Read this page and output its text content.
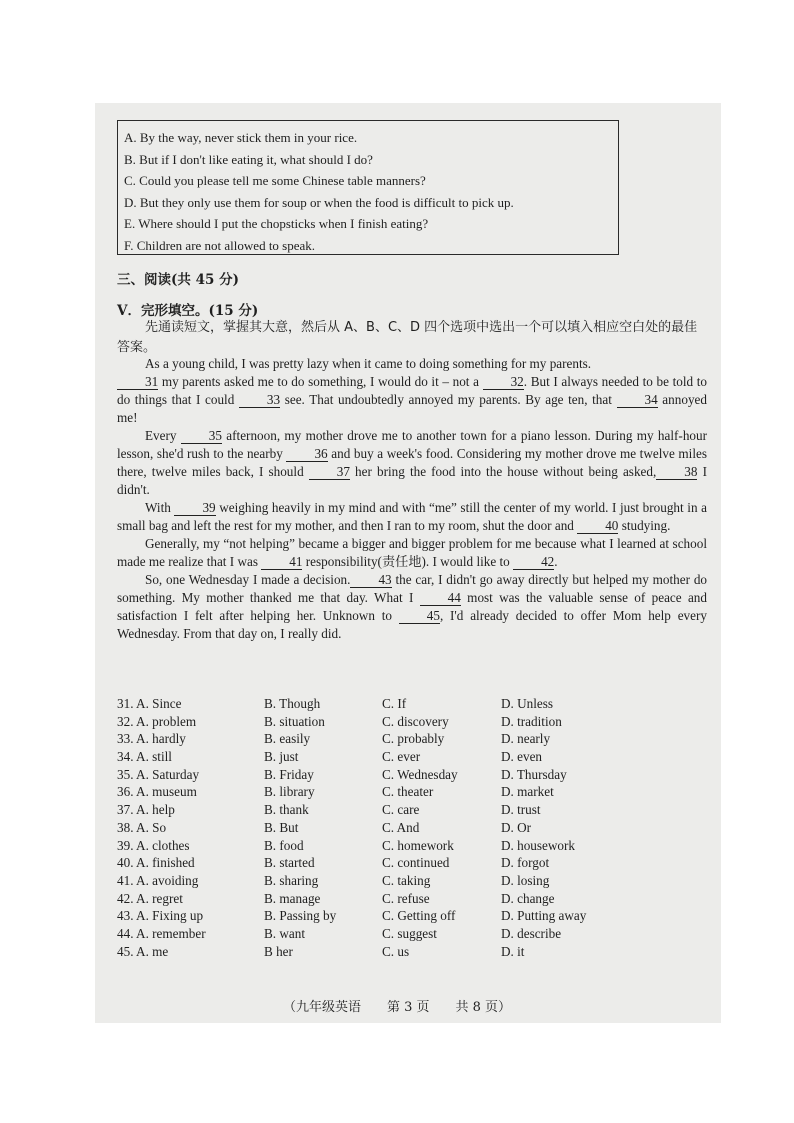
A. By the way, never stick them in your rice.
B. But if I don't like eating it, what should I do?
C. Could you please tell me some Chinese table manners?
D. But they only use them for soup or when the food is difficult to pick up.
E. Where should I put the chopsticks when I finish eating?
F. Children are not allowed to speak.
三、阅读(共 45 分)
V．完形填空。(15 分)
先通读短文，掌握其大意，然后从 A、B、C、D 四个选项中选出一个可以填入相应空白处的最佳答案。

As a young child, I was pretty lazy when it came to doing something for my parents.
31 my parents asked me to do something, I would do it – not a 32. But I always needed to be told to do things that I could 33 see. That undoubtedly annoyed my parents. By age ten, that 34 annoyed me!

Every 35 afternoon, my mother drove me to another town for a piano lesson. During my half-hour lesson, she'd rush to the nearby 36 and buy a week's food. Considering my mother drove me twelve miles there, twelve miles back, I should 37 her bring the food into the house without being asked, 38 I didn't.

With 39 weighing heavily in my mind and with “me” still the center of my world. I just brought in a small bag and left the rest for my mother, and then I ran to my room, shut the door and 40 studying.

Generally, my “not helping” became a bigger and bigger problem for me because what I learned at school made me realize that I was 41 responsibility(责任地). I would like to 42.

So, one Wednesday I made a decision. 43 the car, I didn't go away directly but helped my mother do something. My mother thanked me that day. What I 44 most was the valuable sense of peace and satisfaction I felt after helping her. Unknown to 45, I'd already decided to offer Mom help every Wednesday. From that day on, I really did.

31. A. Since	B. Though	C. If	D. Unless
32. A. problem	B. situation	C. discovery	D. tradition
33. A. hardly	B. easily	C. probably	D. nearly
34. A. still	B. just	C. ever	D. even
35. A. Saturday	B. Friday	C. Wednesday	D. Thursday
36. A. museum	B. library	C. theater	D. market
37. A. help	B. thank	C. care	D. trust
38. A. So	B. But	C. And	D. Or
39. A. clothes	B. food	C. homework	D. housework
40. A. finished	B. started	C. continued	D. forgot
41. A. avoiding	B. sharing	C. taking	D. losing
42. A. regret	B. manage	C. refuse	D. change
43. A. Fixing up	B. Passing by	C. Getting off	D. Putting away
44. A. remember	B. want	C. suggest	D. describe
45. A. me	B her	C. us	D. it
（九年级英语　　第 3 页　　共 8 页）
